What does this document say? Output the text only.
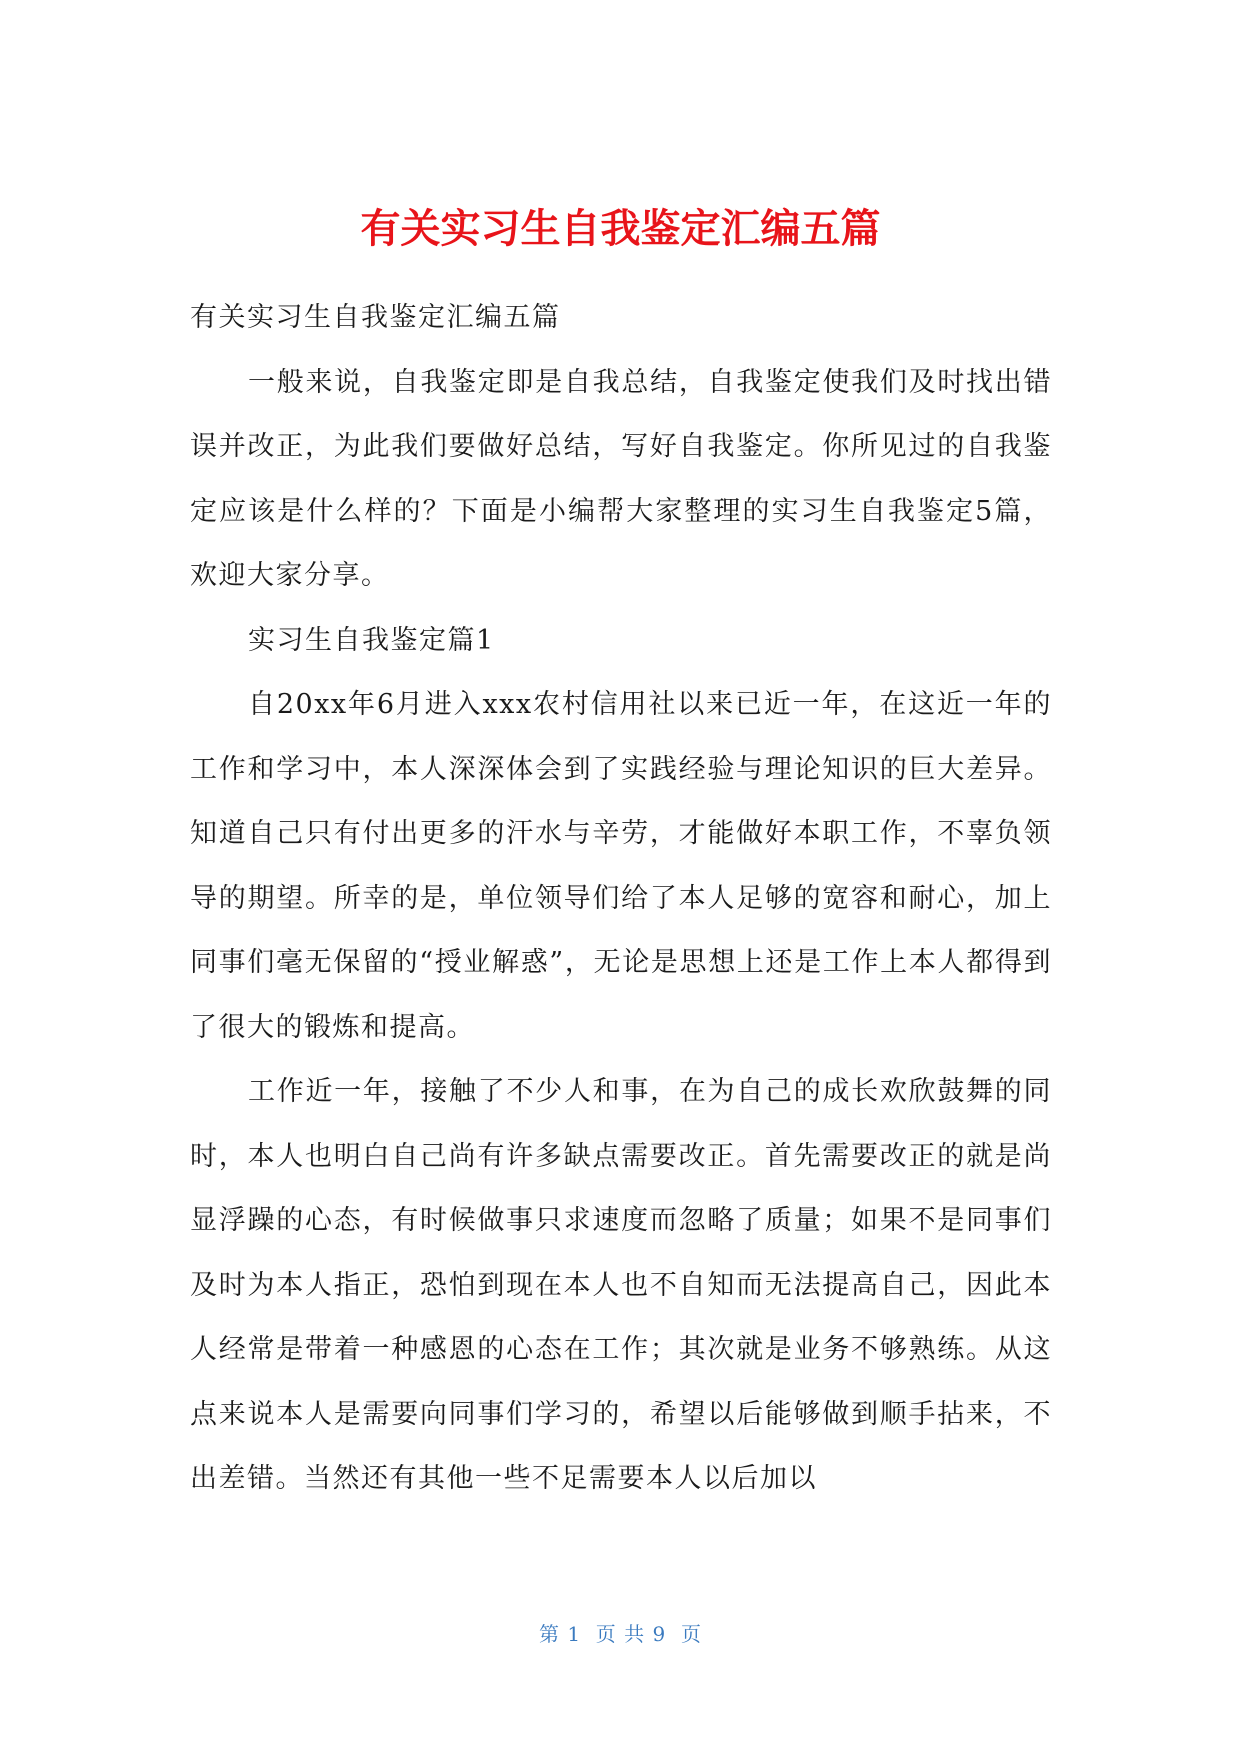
有关实习生自我鉴定汇编五篇

有关实习生自我鉴定汇编五篇

一般来说，自我鉴定即是自我总结，自我鉴定使我们及时找出错误并改正，为此我们要做好总结，写好自我鉴定。你所见过的自我鉴定应该是什么样的？下面是小编帮大家整理的实习生自我鉴定5篇，欢迎大家分享。

实习生自我鉴定篇1

自20xx年6月进入xxx农村信用社以来已近一年，在这近一年的工作和学习中，本人深深体会到了实践经验与理论知识的巨大差异。知道自己只有付出更多的汗水与辛劳，才能做好本职工作，不辜负领导的期望。所幸的是，单位领导们给了本人足够的宽容和耐心，加上同事们毫无保留的“授业解惑”，无论是思想上还是工作上本人都得到了很大的锻炼和提高。

工作近一年，接触了不少人和事，在为自己的成长欢欣鼓舞的同时，本人也明白自己尚有许多缺点需要改正。首先需要改正的就是尚显浮躁的心态，有时候做事只求速度而忽略了质量；如果不是同事们及时为本人指正，恐怕到现在本人也不自知而无法提高自己，因此本人经常是带着一种感恩的心态在工作；其次就是业务不够熟练。从这点来说本人是需要向同事们学习的，希望以后能够做到顺手拈来，不出差错。当然还有其他一些不足需要本人以后加以

第 1  页 共 9  页
